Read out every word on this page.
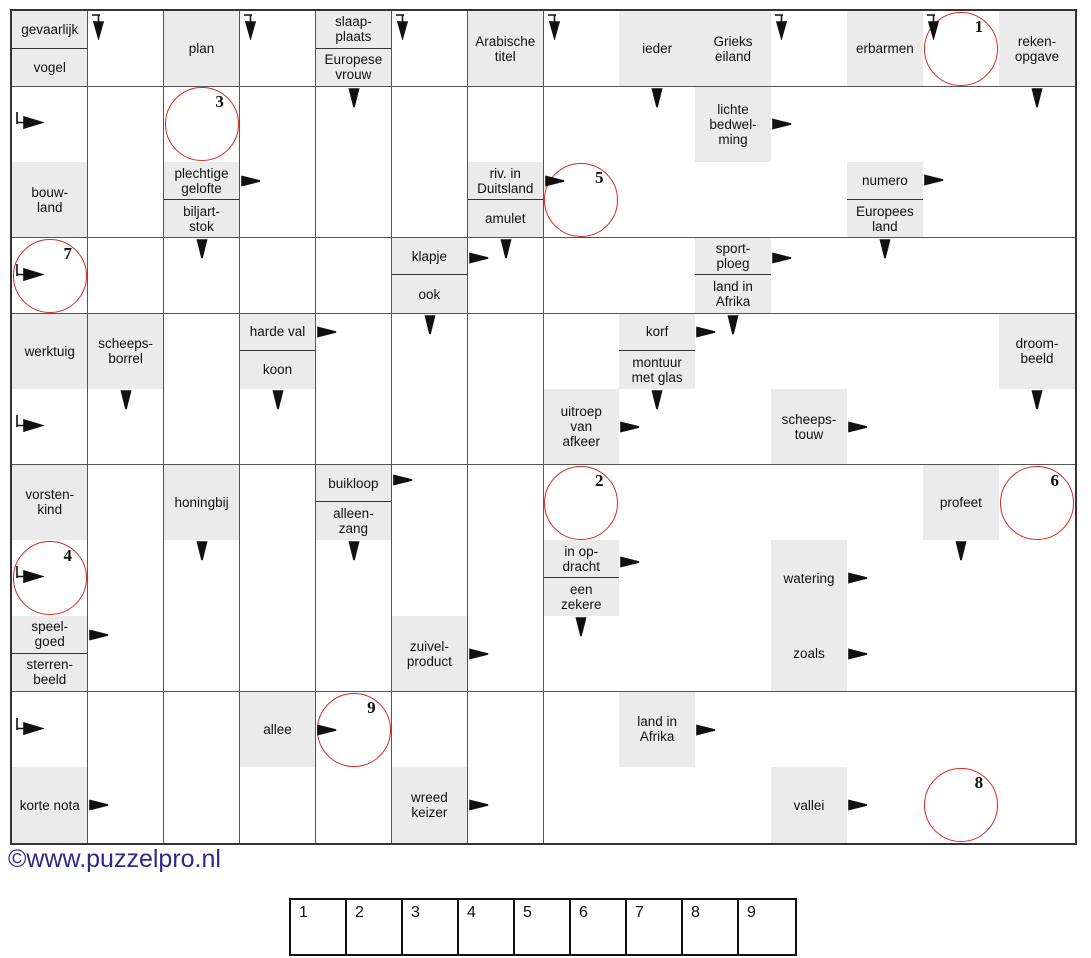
gevaarlijk
vogel
plan
slaap-
plaats
Europese
vrouw
Arabische
titel	ieder	Grieks
eiland	erbarmen
1
reken-
opgave
3	lichte
bedwel-
ming
bouw-
land
plechtige
gelofte
biljart-
stok
riv. in
Duitsland
amulet
5	numero
Europees
land
7	klapje
ook
sport-
ploeg
land in
Afrika
werktuig	scheeps-
borrel
harde val
koon
korf
montuur
met glas
droom-
beeld
uitroep
van
afkeer
scheeps-
touw
vorsten-
kind	honingbij
buikloop
alleen-
zang
2
profeet
6
4	in op-
dracht
een
zekere
watering
speel-
goed
sterren-
beeld
zuivel-
product	zoals
allee
9
land in
Afrika
korte nota	wreed
keizer	vallei
8
©www.puzzelpro.nl
1	2	3	4	5	6	7	8	9
